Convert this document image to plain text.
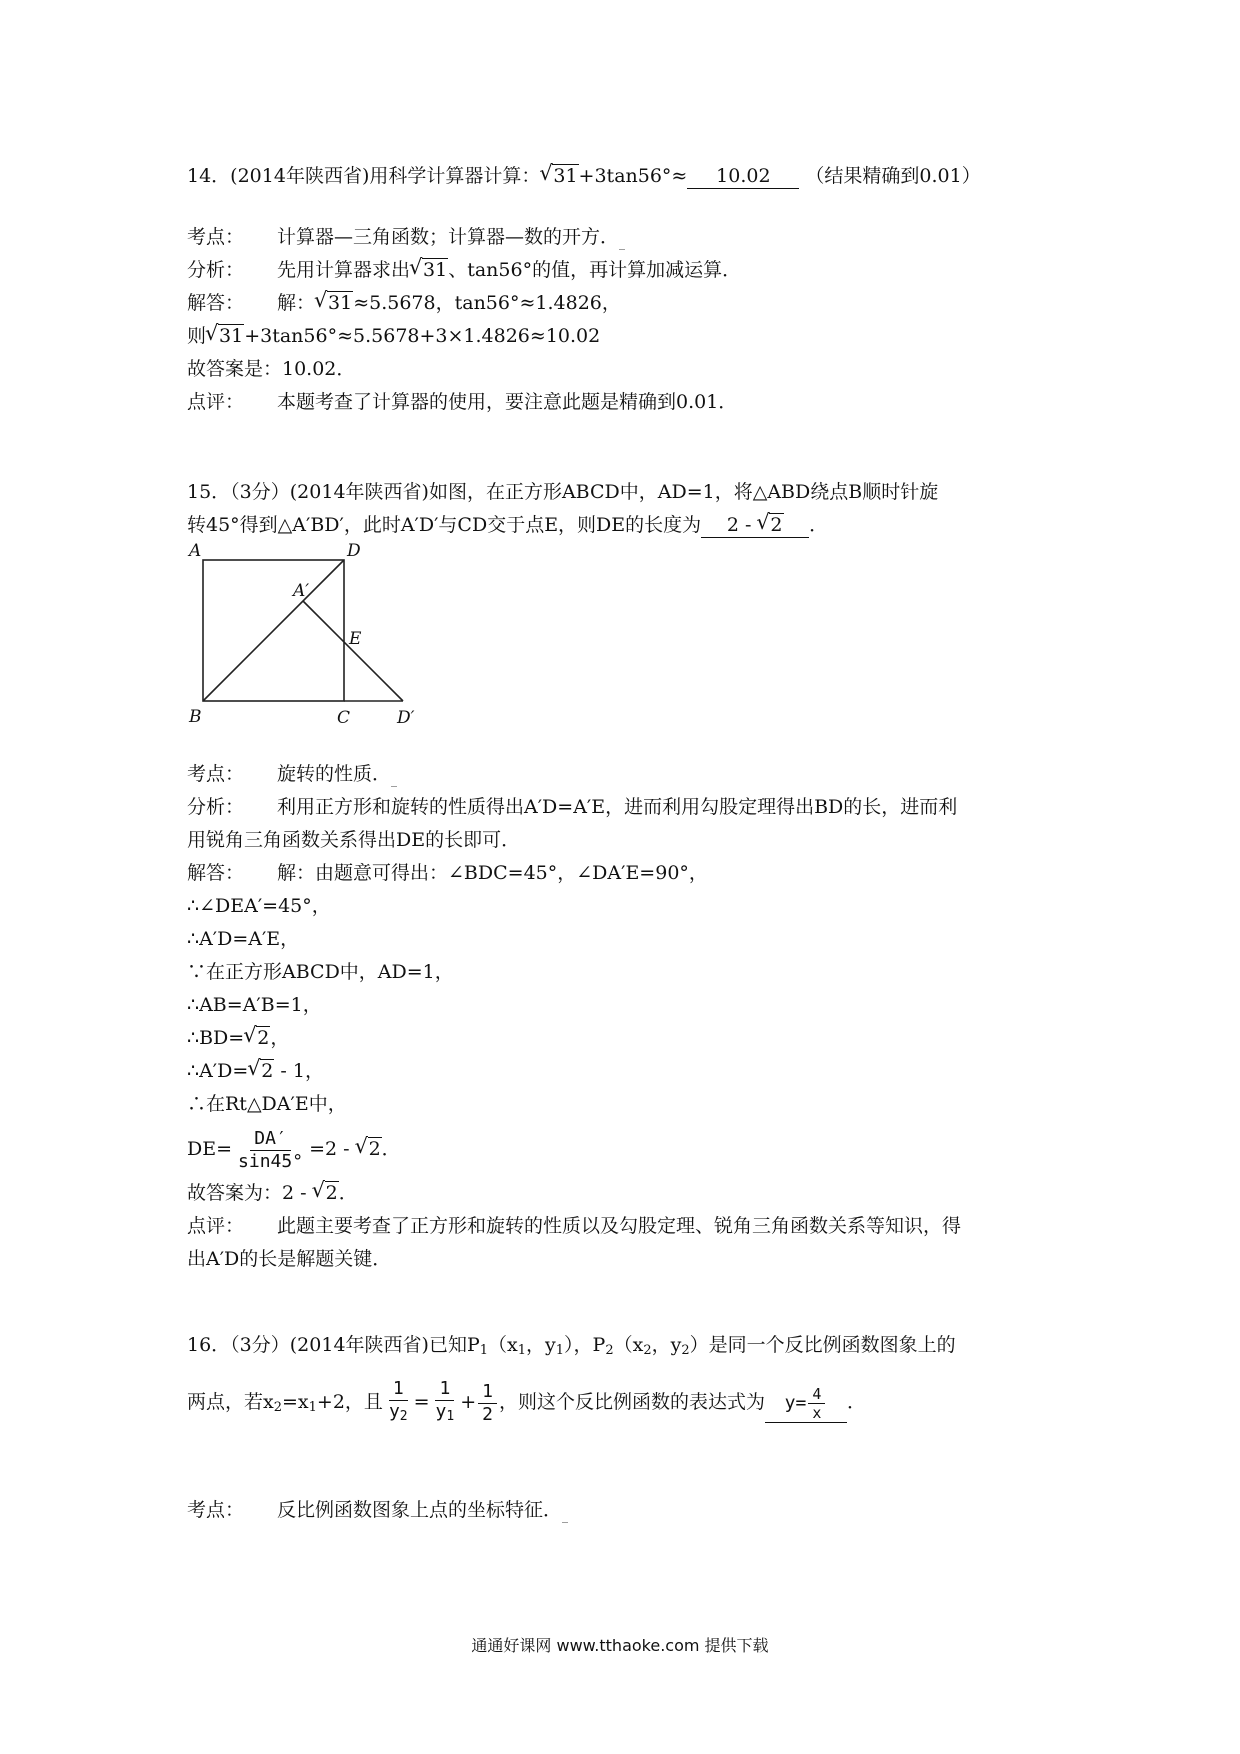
14．(2014年陕西省)用科学计算器计算： √ 31+3tan56°≈ 10.02 （结果精确到0.01）
考点： 计算器—三角函数；计算器—数的开方．$_{\_}$
分析： 先用计算器求出 √ 31、tan56°的值，再计算加减运算．
解答： 解： √ 31≈5.5678，tan56°≈1.4826，
则 √ 31+3tan56°≈5.5678+3×1.4826≈10.02
故答案是：10.02．
点评： 本题考查了计算器的使用，要注意此题是精确到0.01．
15．（3分）(2014年陕西省)如图，在正方形ABCD中，AD=1，将△ABD绕点B顺时针旋
转45°得到△A′BD′，此时A′D′与CD交于点E，则DE的长度为 2 - √ 2 ．
A	D
A′
E
B	C	D′
考点： 旋转的性质．$_{\_}$
分析： 利用正方形和旋转的性质得出A′D=A′E，进而利用勾股定理得出BD的长，进而利
用锐角三角函数关系得出DE的长即可．
解答： 解：由题意可得出：∠BDC=45°，∠DA′E=90°，
∴∠DEA′=45°，
∴A′D=A′E，
∵在正方形ABCD中，AD=1，
∴AB=A′B=1，
∴BD= √ 2，
∴A′D= √ 2 - 1，
∴在Rt△DA′E中，
$DE= \frac{DA'}{\sin 45^\circ} =2$ - √ 2．
故答案为：2 - √ 2．
点评： 此题主要考查了正方形和旋转的性质以及勾股定理、锐角三角函数关系等知识，得
出A′D的长是解题关键．
16．（3分）(2014年陕西省)已知$P_1(x_1$，$y_1$），$P_2(x_2$，$y_2$）是同一个反比例函数图象上的
两点，若$x_2=x_1+2$，且 $\frac{1}{y_2} = \frac{1}{y_1} + \frac{1}{2}$ ，则这个反比例函数的表达式为 $y= \frac{4}{x}$ ．
考点： 反比例函数图象上点的坐标特征．$_{\_}$
通通好课网 www.tthaoke.com 提供下载
